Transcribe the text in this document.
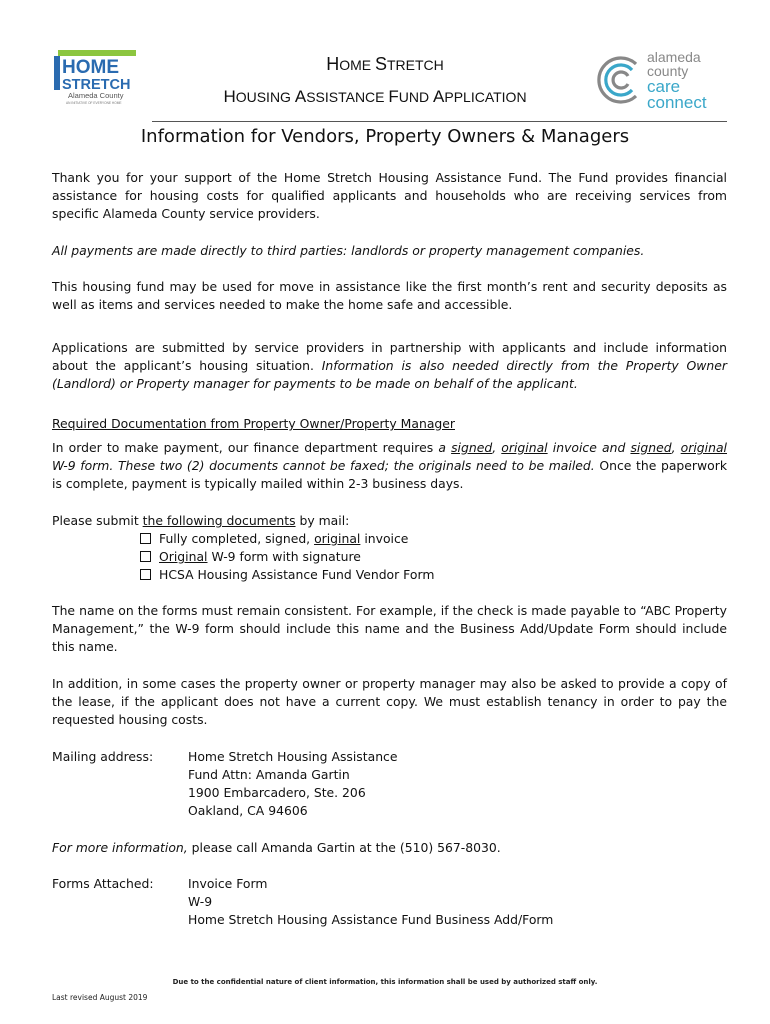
HOME
STRETCH
Alameda County
AN INITIATIVE OF EVERYONE HOME
alameda
county
care
connect
HOME STRETCH
HOUSING ASSISTANCE FUND APPLICATION
Information for Vendors, Property Owners & Managers
Thank you for your support of the Home Stretch Housing Assistance Fund. The Fund provides financial assistance for housing costs for qualified applicants and households who are receiving services from specific Alameda County service providers.
All payments are made directly to third parties: landlords or property management companies.
This housing fund may be used for move in assistance like the first month’s rent and security deposits as well as items and services needed to make the home safe and accessible.
Applications are submitted by service providers in partnership with applicants and include information about the applicant’s housing situation. Information is also needed directly from the Property Owner (Landlord) or Property manager for payments to be made on behalf of the applicant.
Required Documentation from Property Owner/Property Manager
In order to make payment, our finance department requires a signed, original invoice and signed, original W-9 form. These two (2) documents cannot be faxed; the originals need to be mailed. Once the paperwork is complete, payment is typically mailed within 2-3 business days.
Please submit the following documents by mail:
Fully completed, signed, original invoice
Original W-9 form with signature
HCSA Housing Assistance Fund Vendor Form
The name on the forms must remain consistent. For example, if the check is made payable to “ABC Property Management,” the W-9 form should include this name and the Business Add/Update Form should include this name.
In addition, in some cases the property owner or property manager may also be asked to provide a copy of the lease, if the applicant does not have a current copy. We must establish tenancy in order to pay the requested housing costs.
Mailing address:	Home Stretch Housing Assistance
Fund Attn: Amanda Gartin
1900 Embarcadero, Ste. 206
Oakland, CA 94606
For more information, please call Amanda Gartin at the (510) 567-8030.
Forms Attached:	Invoice Form
W-9
Home Stretch Housing Assistance Fund Business Add/Form
Due to the confidential nature of client information, this information shall be used by authorized staff only.
Last revised August 2019
